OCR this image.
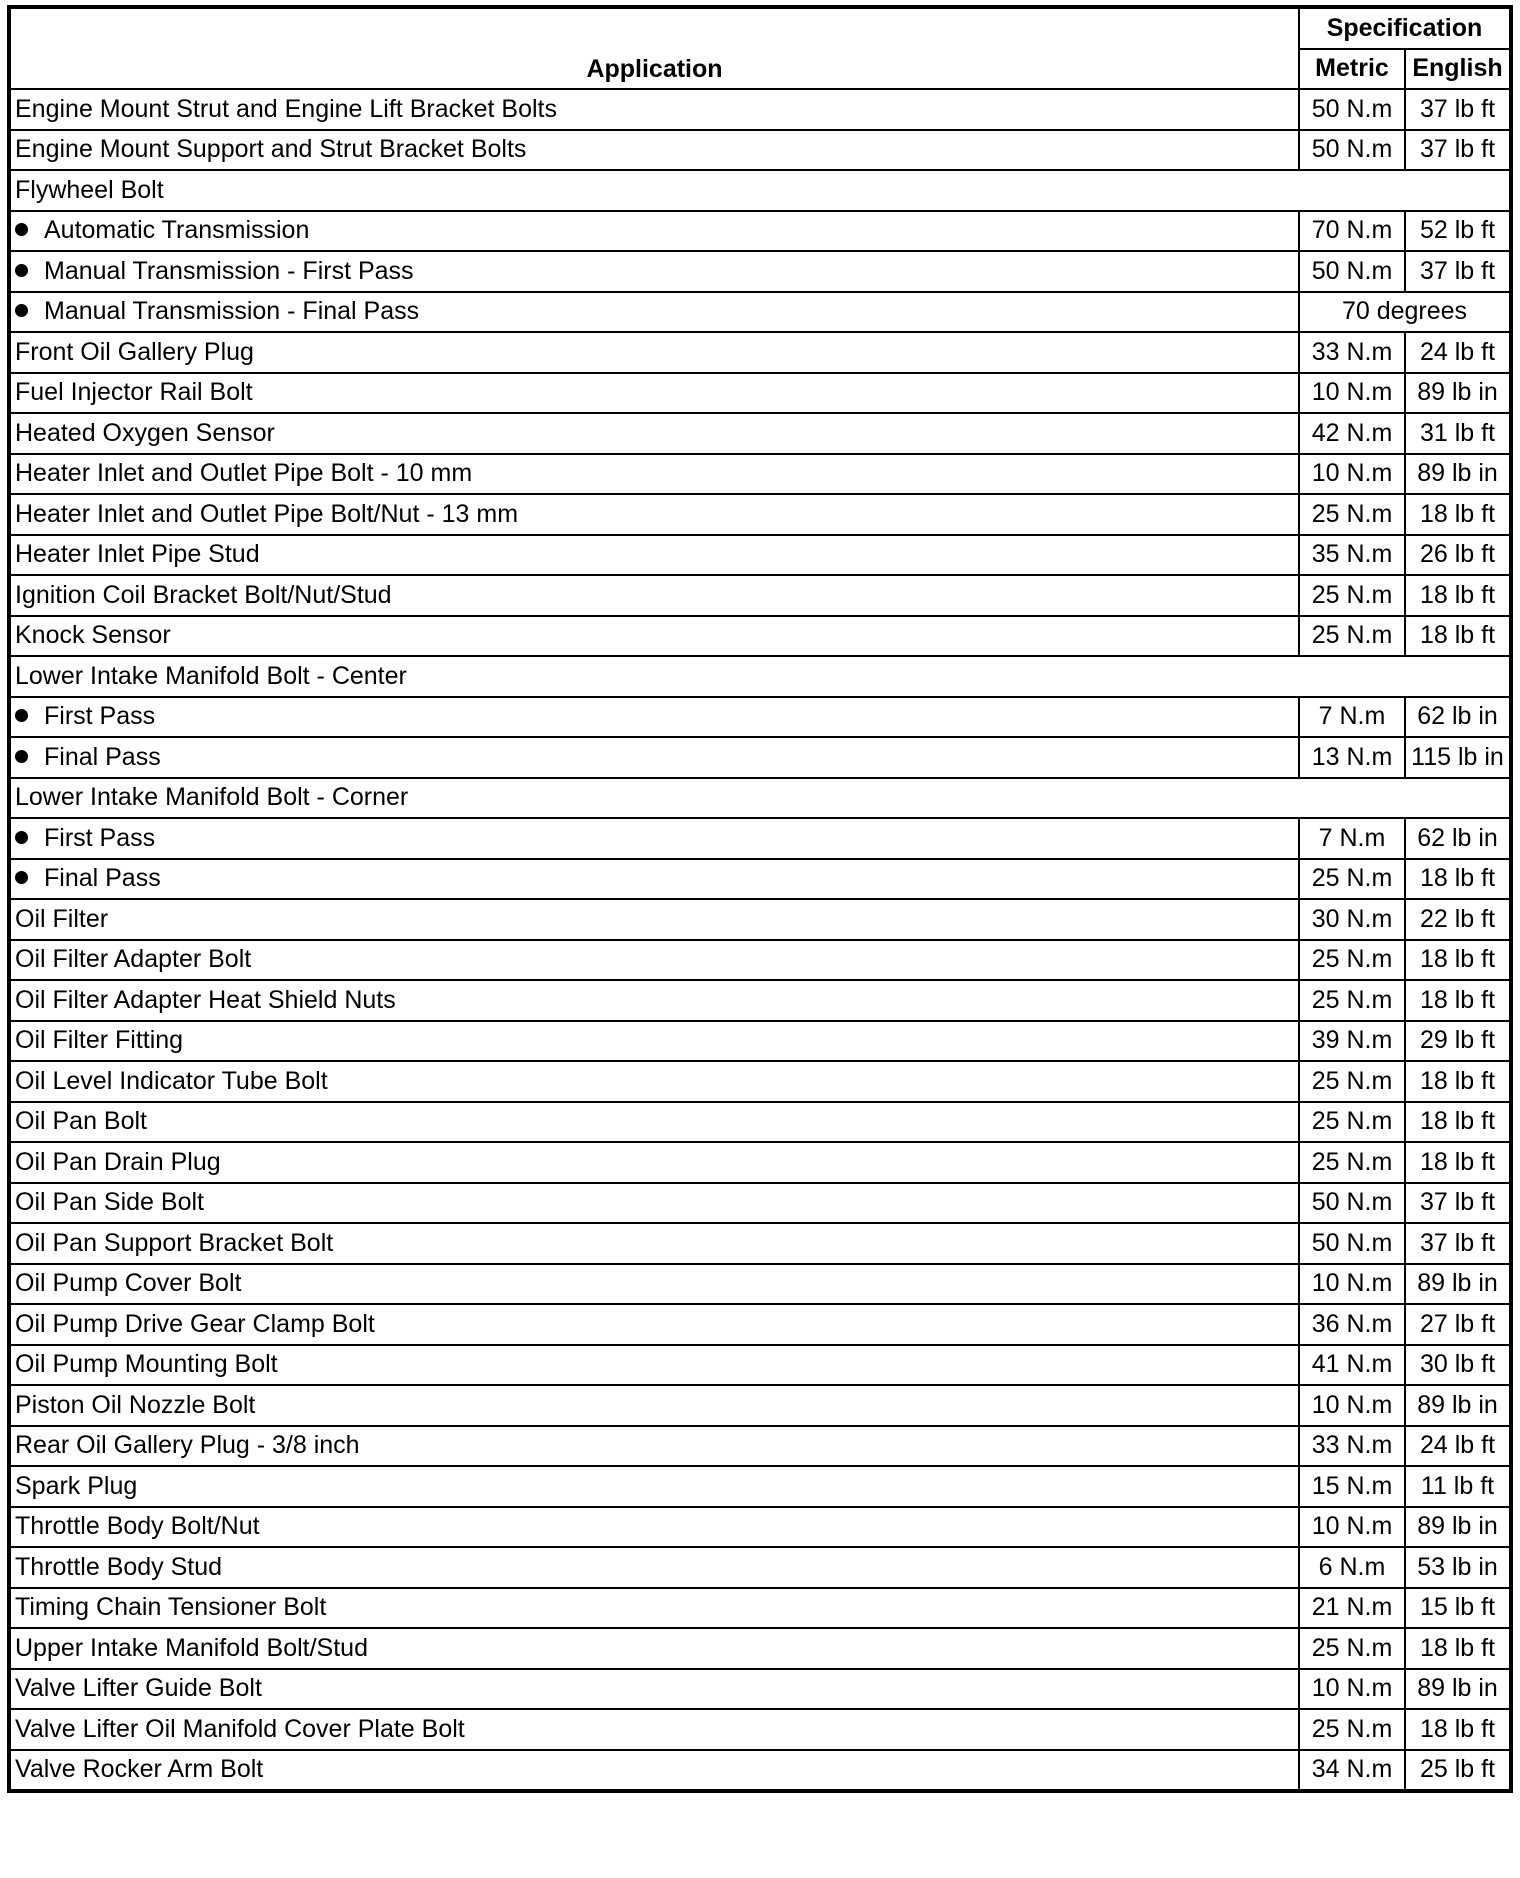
Application	Specification	
	Metric	English
Engine Mount Strut and Engine Lift Bracket Bolts	50 N.m	37 lb ft
Engine Mount Support and Strut Bracket Bolts	50 N.m	37 lb ft
Flywheel Bolt		
Automatic Transmission	70 N.m	52 lb ft
Manual Transmission - First Pass	50 N.m	37 lb ft
Manual Transmission - Final Pass	70 degrees	
Front Oil Gallery Plug	33 N.m	24 lb ft
Fuel Injector Rail Bolt	10 N.m	89 lb in
Heated Oxygen Sensor	42 N.m	31 lb ft
Heater Inlet and Outlet Pipe Bolt - 10 mm	10 N.m	89 lb in
Heater Inlet and Outlet Pipe Bolt/Nut - 13 mm	25 N.m	18 lb ft
Heater Inlet Pipe Stud	35 N.m	26 lb ft
Ignition Coil Bracket Bolt/Nut/Stud	25 N.m	18 lb ft
Knock Sensor	25 N.m	18 lb ft
Lower Intake Manifold Bolt - Center		
First Pass	7 N.m	62 lb in
Final Pass	13 N.m	115 lb in
Lower Intake Manifold Bolt - Corner		
First Pass	7 N.m	62 lb in
Final Pass	25 N.m	18 lb ft
Oil Filter	30 N.m	22 lb ft
Oil Filter Adapter Bolt	25 N.m	18 lb ft
Oil Filter Adapter Heat Shield Nuts	25 N.m	18 lb ft
Oil Filter Fitting	39 N.m	29 lb ft
Oil Level Indicator Tube Bolt	25 N.m	18 lb ft
Oil Pan Bolt	25 N.m	18 lb ft
Oil Pan Drain Plug	25 N.m	18 lb ft
Oil Pan Side Bolt	50 N.m	37 lb ft
Oil Pan Support Bracket Bolt	50 N.m	37 lb ft
Oil Pump Cover Bolt	10 N.m	89 lb in
Oil Pump Drive Gear Clamp Bolt	36 N.m	27 lb ft
Oil Pump Mounting Bolt	41 N.m	30 lb ft
Piston Oil Nozzle Bolt	10 N.m	89 lb in
Rear Oil Gallery Plug - 3/8 inch	33 N.m	24 lb ft
Spark Plug	15 N.m	11 lb ft
Throttle Body Bolt/Nut	10 N.m	89 lb in
Throttle Body Stud	6 N.m	53 lb in
Timing Chain Tensioner Bolt	21 N.m	15 lb ft
Upper Intake Manifold Bolt/Stud	25 N.m	18 lb ft
Valve Lifter Guide Bolt	10 N.m	89 lb in
Valve Lifter Oil Manifold Cover Plate Bolt	25 N.m	18 lb ft
Valve Rocker Arm Bolt	34 N.m	25 lb ft
